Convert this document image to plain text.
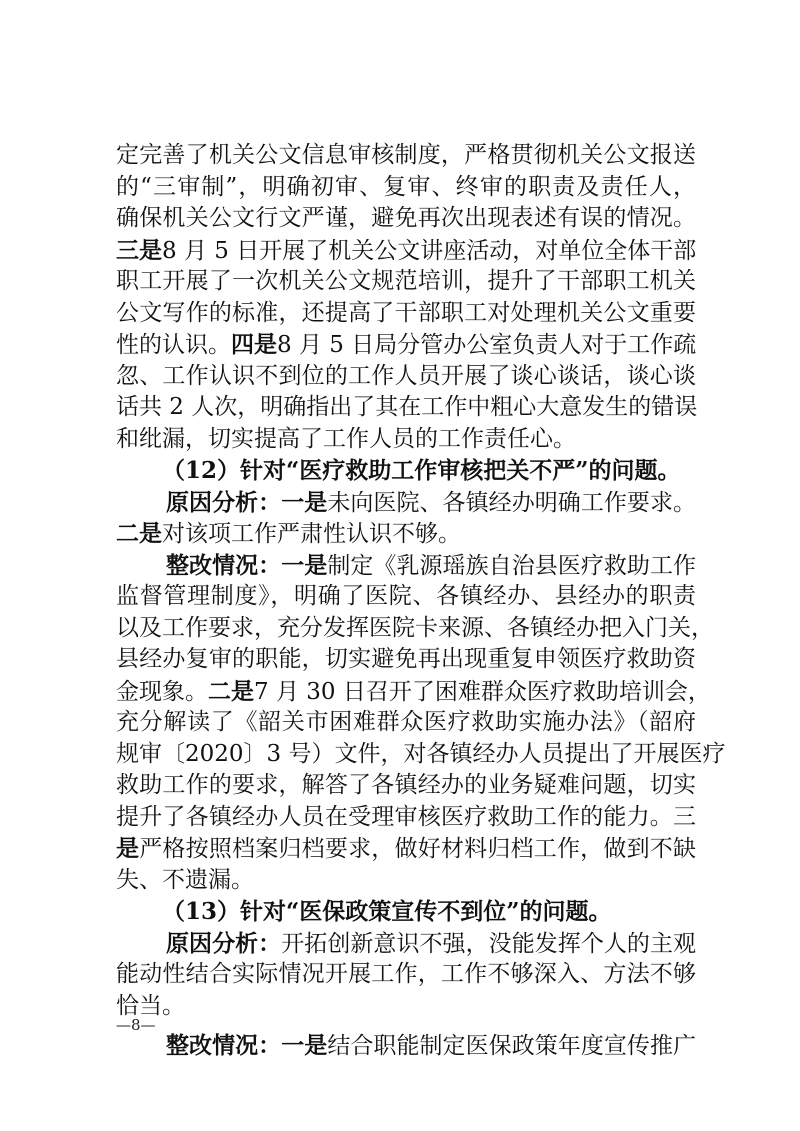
定完善了机关公文信息审核制度，严格贯彻机关公文报送
的“三审制”，明确初审、复审、终审的职责及责任人，
确保机关公文行文严谨，避免再次出现表述有误的情况。
三是8 月 5 日开展了机关公文讲座活动，对单位全体干部
职工开展了一次机关公文规范培训，提升了干部职工机关
公文写作的标准，还提高了干部职工对处理机关公文重要
性的认识。四是8 月 5 日局分管办公室负责人对于工作疏
忽、工作认识不到位的工作人员开展了谈心谈话，谈心谈
话共 2 人次，明确指出了其在工作中粗心大意发生的错误
和纰漏，切实提高了工作人员的工作责任心。
（12）针对“医疗救助工作审核把关不严”的问题。
原因分析：一是未向医院、各镇经办明确工作要求。
二是对该项工作严肃性认识不够。
整改情况：一是制定《乳源瑶族自治县医疗救助工作
监督管理制度》，明确了医院、各镇经办、县经办的职责
以及工作要求，充分发挥医院卡来源、各镇经办把入门关，
县经办复审的职能，切实避免再出现重复申领医疗救助资
金现象。二是7 月 30 日召开了困难群众医疗救助培训会，
充分解读了《韶关市困难群众医疗救助实施办法》（韶府
规审〔2020〕3 号）文件，对各镇经办人员提出了开展医疗
救助工作的要求，解答了各镇经办的业务疑难问题，切实
提升了各镇经办人员在受理审核医疗救助工作的能力。三
是严格按照档案归档要求，做好材料归档工作，做到不缺
失、不遗漏。
（13）针对“医保政策宣传不到位”的问题。
原因分析：开拓创新意识不强，没能发挥个人的主观
能动性结合实际情况开展工作，工作不够深入、方法不够
恰当。
整改情况：一是结合职能制定医保政策年度宣传推广
—8—
